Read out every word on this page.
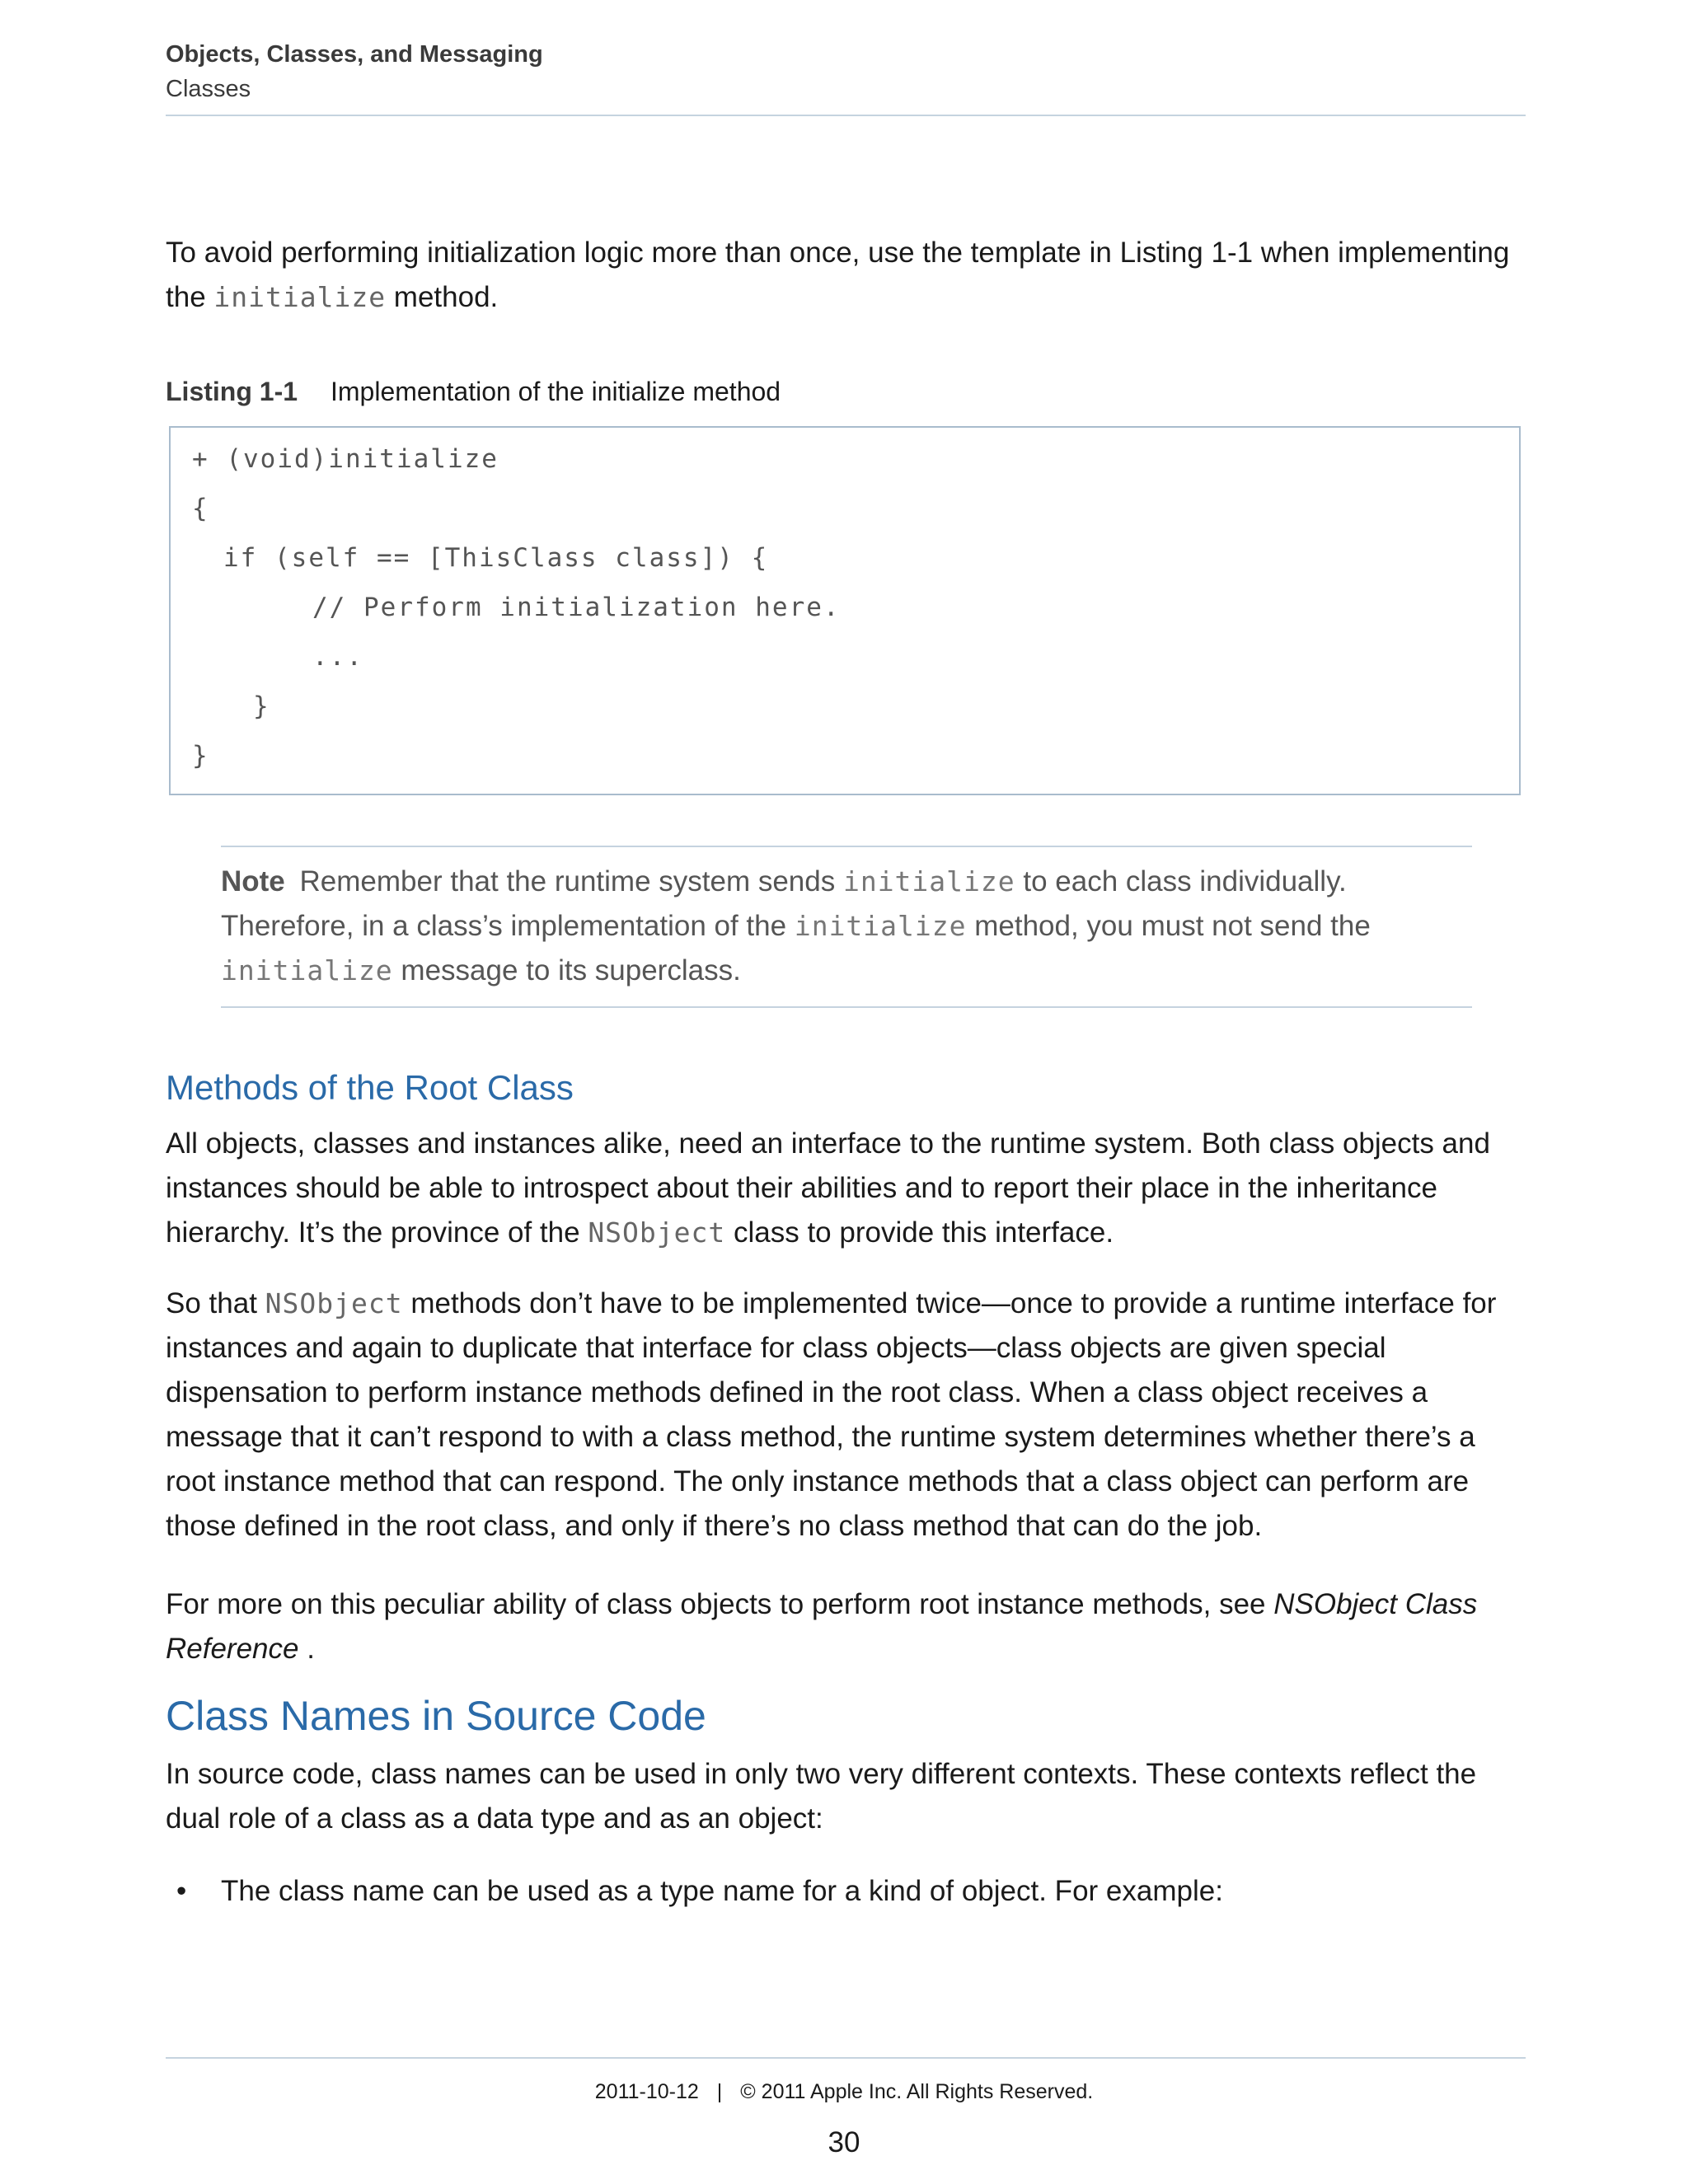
Objects, Classes, and Messaging
Classes

To avoid performing initialization logic more than once, use the template in Listing 1-1 when implementing the initialize method.

Listing 1-1 Implementation of the initialize method
+ (void)initialize
{
if (self == [ThisClass class]) {
// Perform initialization here.
...
}
}

Note Remember that the runtime system sends initialize to each class individually. Therefore, in a class’s implementation of the initialize method, you must not send the initialize message to its superclass.

Methods of the Root Class

All objects, classes and instances alike, need an interface to the runtime system. Both class objects and instances should be able to introspect about their abilities and to report their place in the inheritance hierarchy. It’s the province of the NSObject class to provide this interface.

So that NSObject methods don’t have to be implemented twice—once to provide a runtime interface for instances and again to duplicate that interface for class objects—class objects are given special dispensation to perform instance methods defined in the root class. When a class object receives a message that it can’t respond to with a class method, the runtime system determines whether there’s a root instance method that can respond. The only instance methods that a class object can perform are those defined in the root class, and only if there’s no class method that can do the job.

For more on this peculiar ability of class objects to perform root instance methods, see NSObject Class Reference .

Class Names in Source Code

In source code, class names can be used in only two very different contexts. These contexts reflect the dual role of a class as a data type and as an object:

• The class name can be used as a type name for a kind of object. For example:

2011-10-12 | © 2011 Apple Inc. All Rights Reserved.
30
